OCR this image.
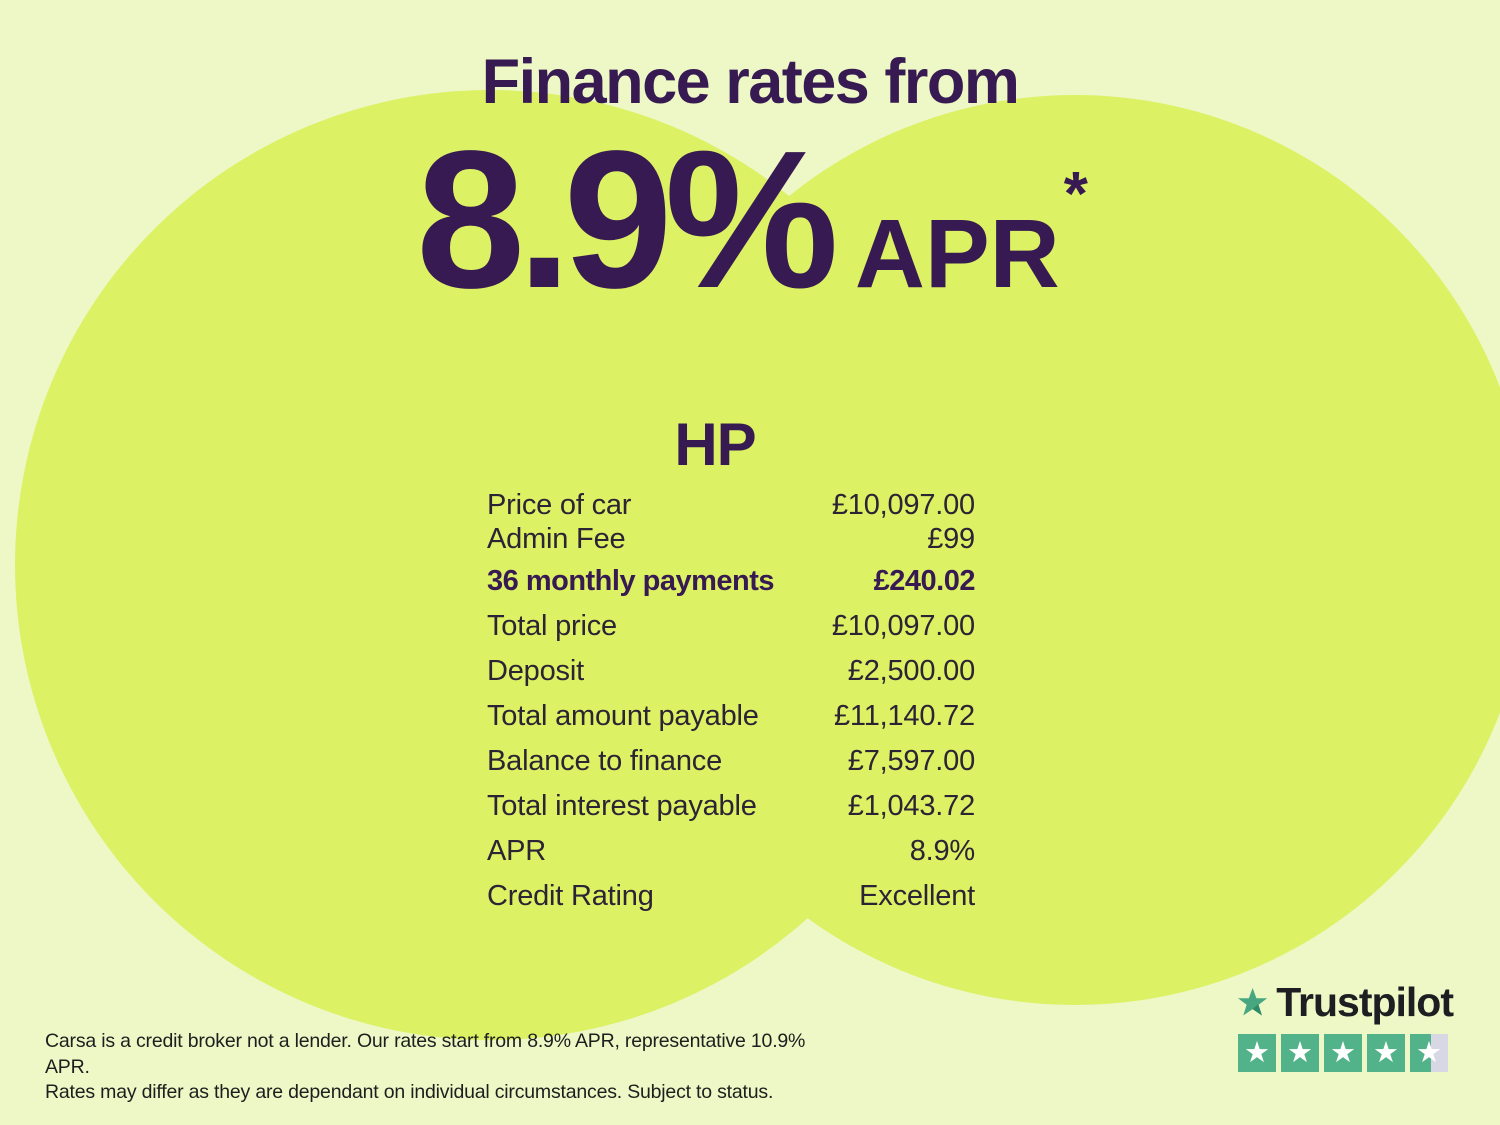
Finance rates from
8.9% APR
*
HP
Price of car	£10,097.00
Admin Fee	£99
36 monthly payments	£240.02
Total price	£10,097.00
Deposit	£2,500.00
Total amount payable	£11,140.72
Balance to finance	£7,597.00
Total interest payable	£1,043.72
APR	8.9%
Credit Rating	Excellent
Carsa is a credit broker not a lender. Our rates start from 8.9% APR, representative 10.9% APR.
Rates may differ as they are dependant on individual circumstances. Subject to status.
Trustpilot
★ ★ ★ ★ ★
